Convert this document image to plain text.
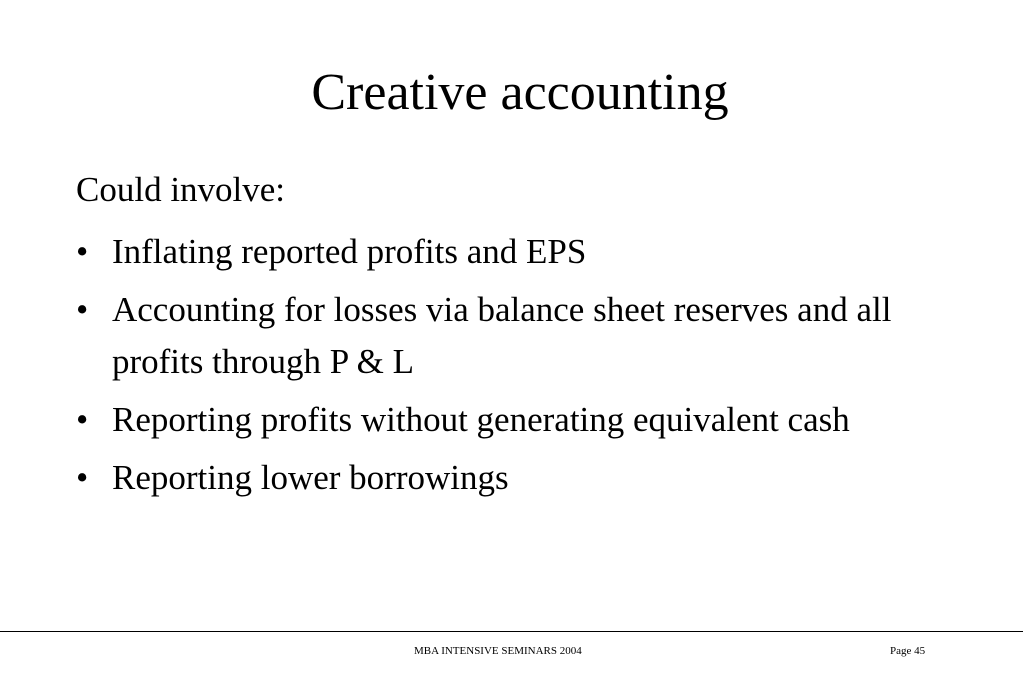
Creative accounting

Could involve:

• Inflating reported profits and EPS
• Accounting for losses via balance sheet reserves and all profits through P & L
• Reporting profits without generating equivalent cash
• Reporting lower borrowings
MBA INTENSIVE SEMINARS 2004	Page 45
